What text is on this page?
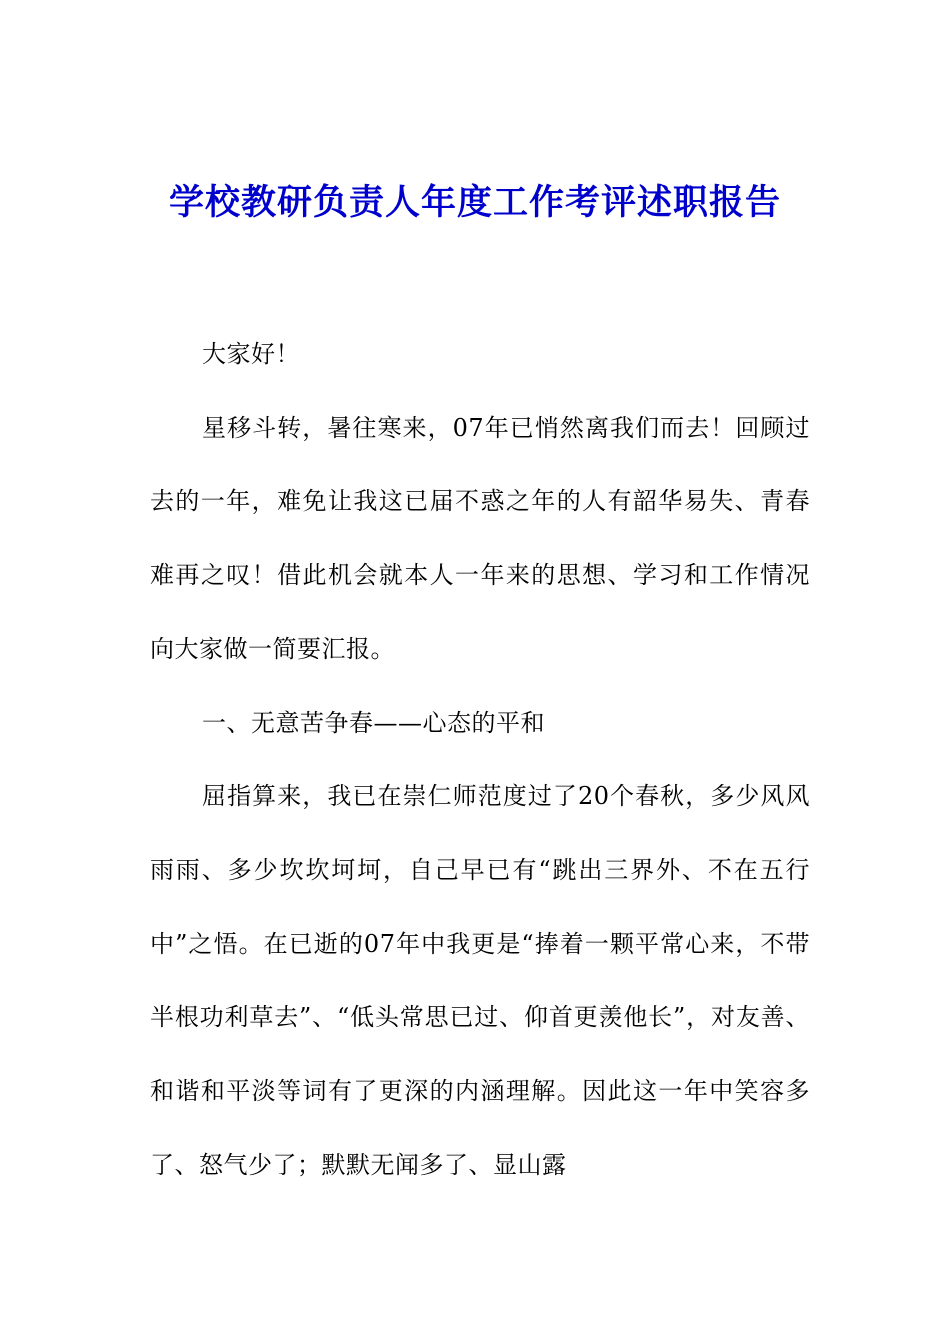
学校教研负责人年度工作考评述职报告

大家好！

星移斗转，暑往寒来，07年已悄然离我们而去！回顾过去的一年，难免让我这已届不惑之年的人有韶华易失、青春难再之叹！借此机会就本人一年来的思想、学习和工作情况向大家做一简要汇报。

一、无意苦争春——心态的平和

屈指算来，我已在崇仁师范度过了20个春秋，多少风风雨雨、多少坎坎坷坷，自己早已有“跳出三界外、不在五行中”之悟。在已逝的07年中我更是“捧着一颗平常心来，不带半根功利草去”、“低头常思已过、仰首更羡他长”，对友善、和谐和平淡等词有了更深的内涵理解。因此这一年中笑容多了、怒气少了；默默无闻多了、显山露
